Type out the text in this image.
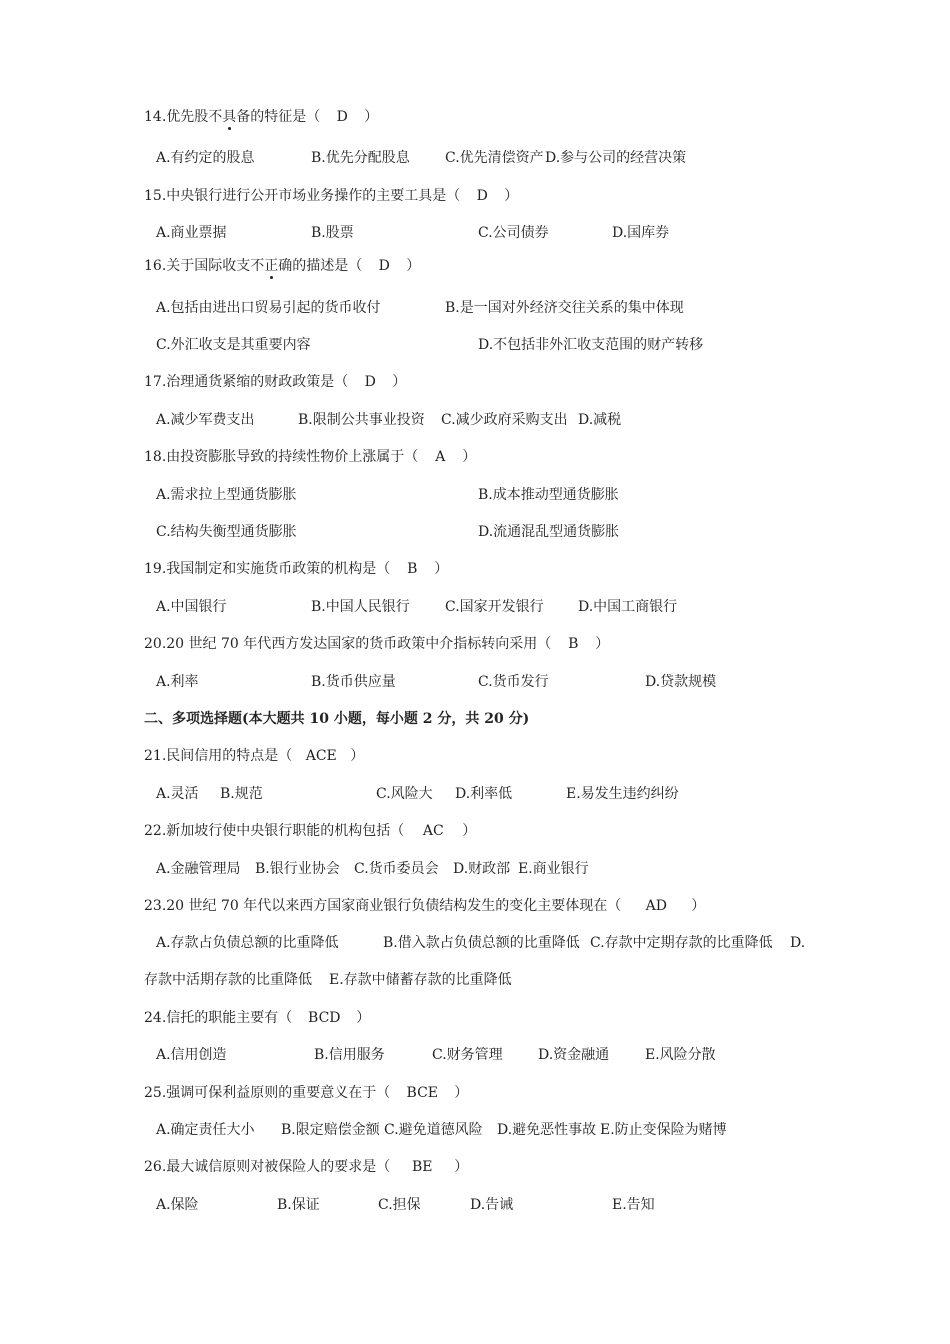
14.优先股不具备的特征是（ D ）
A.有约定的股息	B.优先分配股息	C.优先清偿资产 D.参与公司的经营决策
15.中央银行进行公开市场业务操作的主要工具是（ D ）
A.商业票据	B.股票	C.公司债券	D.国库券
16.关于国际收支不正确的描述是（ D ）
A.包括由进出口贸易引起的货币收付	B.是一国对外经济交往关系的集中体现
C.外汇收支是其重要内容	D.不包括非外汇收支范围的财产转移
17.治理通货紧缩的财政政策是（ D ）
A.减少军费支出	B.限制公共事业投资 C.减少政府采购支出 D.减税
18.由投资膨胀导致的持续性物价上涨属于（ A ）
A.需求拉上型通货膨胀	B.成本推动型通货膨胀
C.结构失衡型通货膨胀	D.流通混乱型通货膨胀
19.我国制定和实施货币政策的机构是（ B ）
A.中国银行	B.中国人民银行	C.国家开发银行 D.中国工商银行
20.20 世纪 70 年代西方发达国家的货币政策中介指标转向采用（ B ）
A.利率	B.货币供应量	C.货币发行	D.贷款规模
二、多项选择题(本大题共 10 小题，每小题 2 分，共 20 分)
21.民间信用的特点是（ ACE ）
A.灵活 B.规范	C.风险大 D.利率低	E.易发生违约纠纷
22.新加坡行使中央银行职能的机构包括（ AC ）
A.金融管理局 B.银行业协会 C.货币委员会 D.财政部 E.商业银行
23.20 世纪 70 年代以来西方国家商业银行负债结构发生的变化主要体现在（ AD ）
A.存款占负债总额的比重降低	B.借入款占负债总额的比重降低 C.存款中定期存款的比重降低 D.
存款中活期存款的比重降低 E.存款中储蓄存款的比重降低
24.信托的职能主要有（ BCD ）
A.信用创造	B.信用服务	C.财务管理	D.资金融通	E.风险分散
25.强调可保利益原则的重要意义在于（ BCE ）
A.确定责任大小 B.限定赔偿金额 C.避免道德风险 D.避免恶性事故 E.防止变保险为赌博
26.最大诚信原则对被保险人的要求是（ BE ）
A.保险	B.保证	C.担保	D.告诫	E.告知
